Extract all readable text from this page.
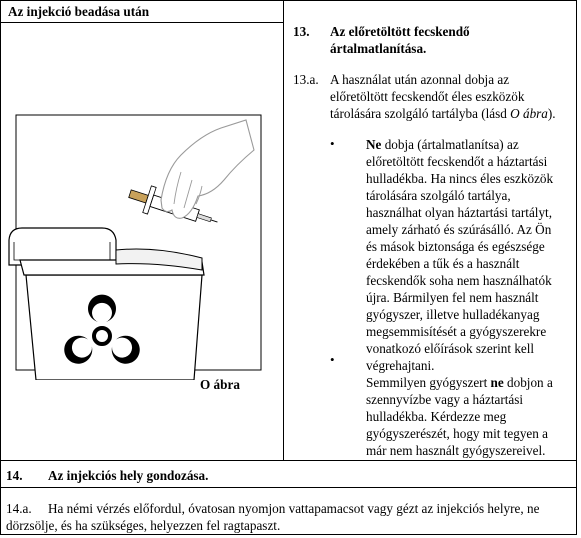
Az injekció beadása után
13. Az előretöltött fecskendő
ártalmatlanítása.
13.a. A használat után azonnal dobja az
előretöltött fecskendőt éles eszközök
tárolására szolgáló tartályba (lásd O ábra).
• Ne dobja (ártalmatlanítsa) az
előretöltött fecskendőt a háztartási
hulladékba. Ha nincs éles eszközök
tárolására szolgáló tartálya,
használhat olyan háztartási tartályt,
amely zárható és szúrásálló. Az Ön
és mások biztonsága és egészsége
érdekében a tűk és a használt
fecskendők soha nem használhatók
újra. Bármilyen fel nem használt
gyógyszer, illetve hulladékanyag
megsemmisítését a gyógyszerekre
vonatkozó előírások szerint kell
végrehajtani.
•
Semmilyen gyógyszert ne dobjon a
szennyvízbe vagy a háztartási
hulladékba. Kérdezze meg
gyógyszerészét, hogy mit tegyen a
már nem használt gyógyszereivel.
O ábra
14. Az injekciós hely gondozása.
14.a. Ha némi vérzés előfordul, óvatosan nyomjon vattapamacsot vagy gézt az injekciós helyre, ne
dörzsölje, és ha szükséges, helyezzen fel ragtapaszt.
